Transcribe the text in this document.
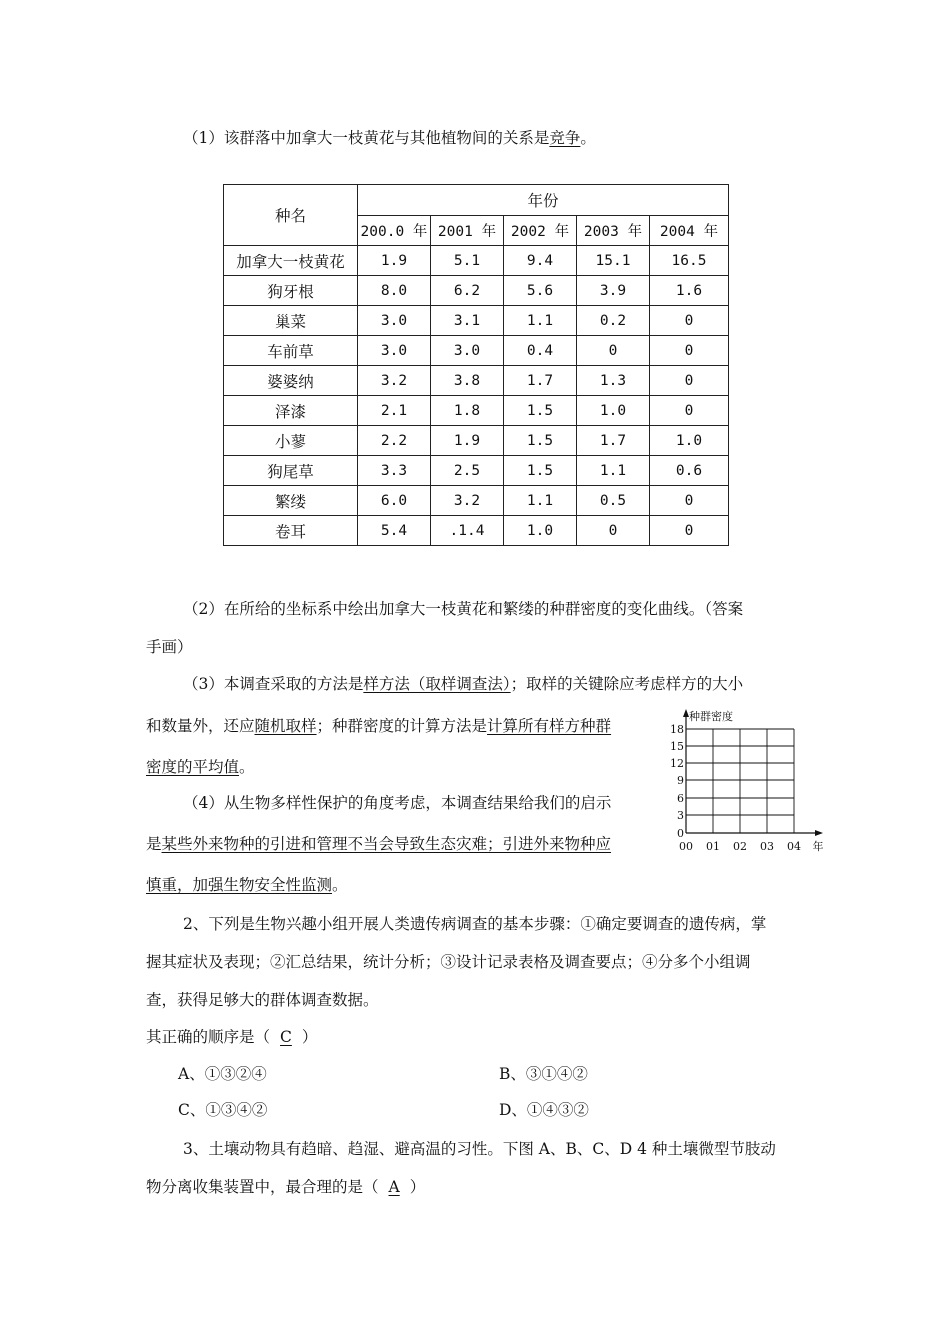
（1）该群落中加拿大一枝黄花与其他植物间的关系是竞争。
种名	年份				
	200.0 年	2001 年	2002 年	2003 年	2004 年
加拿大一枝黄花	1.9	5.1	9.4	15.1	16.5
狗牙根	8.0	6.2	5.6	3.9	1.6
巢菜	3.0	3.1	1.1	0.2	0
车前草	3.0	3.0	0.4	0	0
婆婆纳	3.2	3.8	1.7	1.3	0
泽漆	2.1	1.8	1.5	1.0	0
小蓼	2.2	1.9	1.5	1.7	1.0
狗尾草	3.3	2.5	1.5	1.1	0.6
繁缕	6.0	3.2	1.1	0.5	0
卷耳	5.4	.1.4	1.0	0	0
（2）在所给的坐标系中绘出加拿大一枝黄花和繁缕的种群密度的变化曲线。（答案
手画）
（3）本调查采取的方法是样方法（取样调查法）；取样的关键除应考虑样方的大小
和数量外，还应随机取样；种群密度的计算方法是计算所有样方种群
密度的平均值。
（4）从生物多样性保护的角度考虑，本调查结果给我们的启示
是某些外来物种的引进和管理不当会导致生态灾难；引进外来物种应
慎重，加强生物安全性监测。
种群密度
18
15
12
9
6
3
0
00 01 02 03 04 年
2、下列是生物兴趣小组开展人类遗传病调查的基本步骤：①确定要调查的遗传病，掌
握其症状及表现；②汇总结果，统计分析；③设计记录表格及调查要点；④分多个小组调
查，获得足够大的群体调查数据。
其正确的顺序是（ C ）
A、①③②④	B、③①④②
C、①③④②	D、①④③②
3、土壤动物具有趋暗、趋湿、避高温的习性。下图 A、B、C、D 4 种土壤微型节肢动
物分离收集装置中，最合理的是（ A ）
